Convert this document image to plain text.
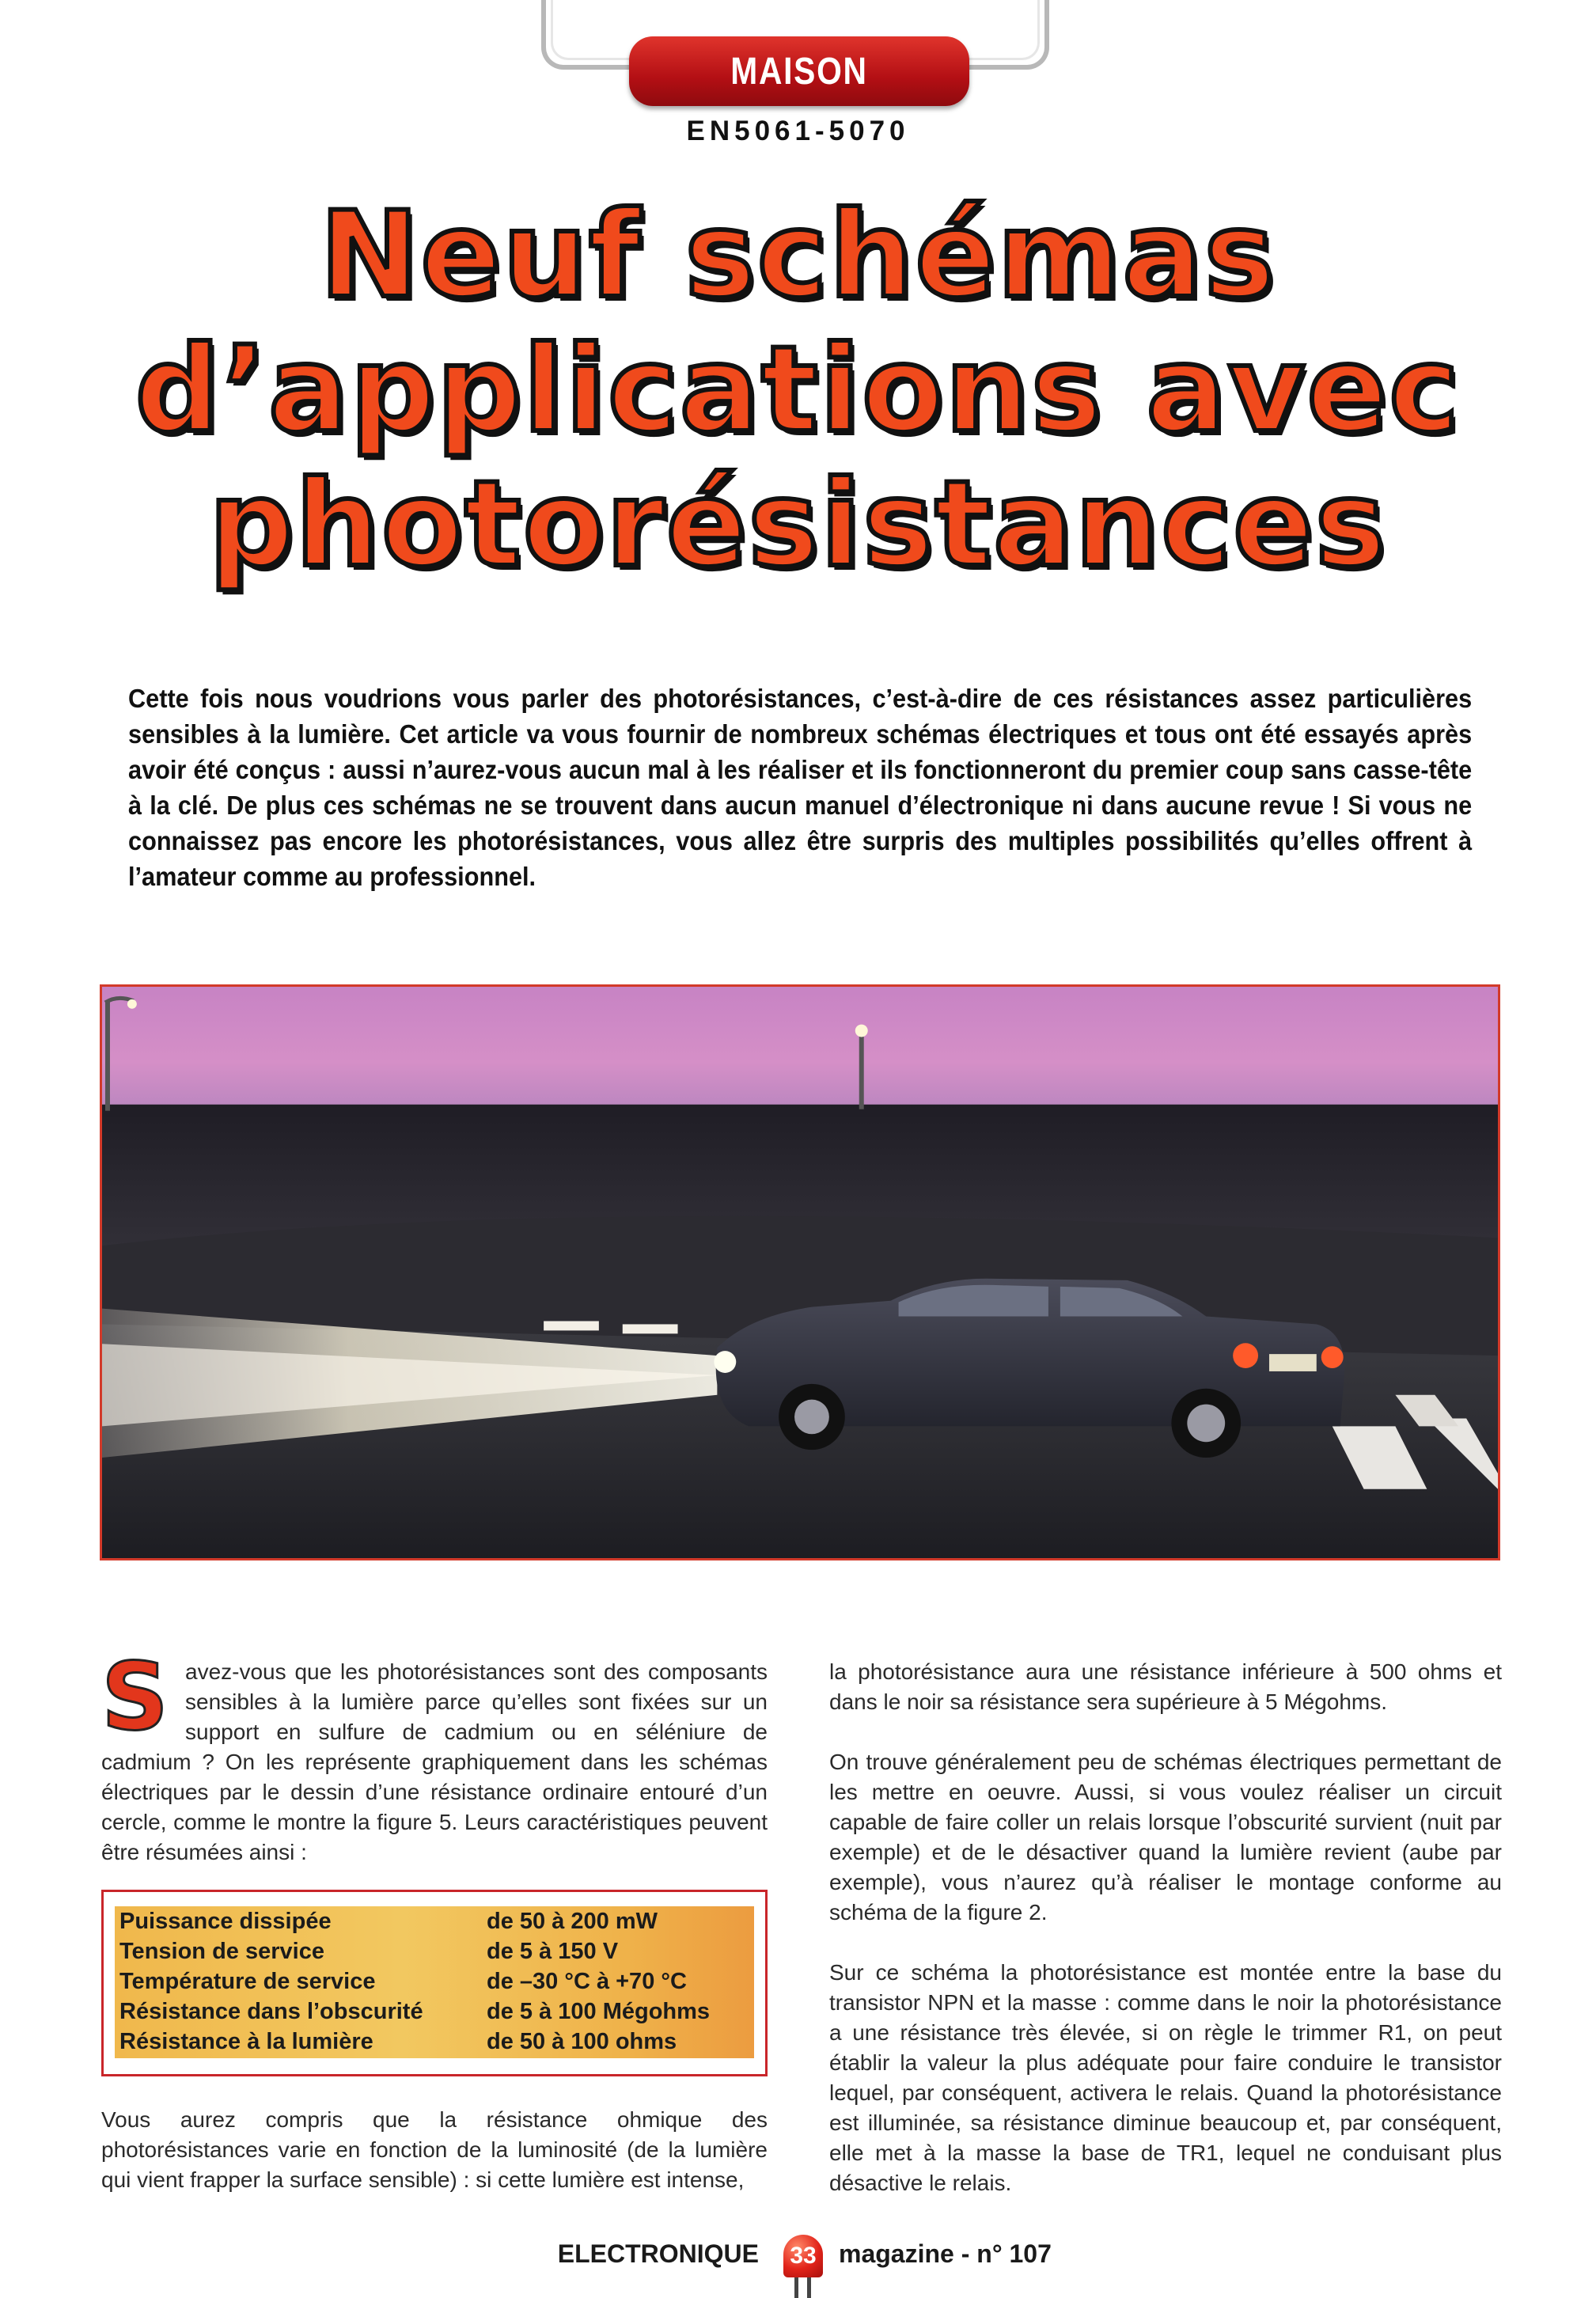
MAISON
EN5061-5070
Neuf schémas
d’applications avec
photorésistances

Cette fois nous voudrions vous parler des photorésistances, c’est-à-dire de ces résistances assez particulières sensibles à la lumière. Cet article va vous fournir de nombreux schémas électriques et tous ont été essayés après avoir été conçus : aussi n’aurez-vous aucun mal à les réaliser et ils fonctionneront du premier coup sans casse-tête à la clé. De plus ces schémas ne se trouvent dans aucun manuel d’électronique ni dans aucune revue ! Si vous ne connaissez pas encore les photorésistances, vous allez être surpris des multiples possibilités qu’elles offrent à l’amateur comme au professionnel.

S avez-vous que les photorésistances sont des composants sensibles à la lumière parce qu’elles sont fixées sur un support en sulfure de cadmium ou en séléniure de cadmium ? On les représente graphiquement dans les schémas électriques par le dessin d’une résistance ordinaire entouré d’un cercle, comme le montre la figure 5. Leurs caractéristiques peuvent être résumées ainsi :

Puissance dissipée	de 50 à 200 mW
Tension de service	de 5 à 150 V
Température de service	de –30 °C à +70 °C
Résistance dans l’obscurité	de 5 à 100 Mégohms
Résistance à la lumière	de 50 à 100 ohms

Vous aurez compris que la résistance ohmique des photorésistances varie en fonction de la luminosité (de la lumière qui vient frapper la surface sensible) : si cette lumière est intense,

la photorésistance aura une résistance inférieure à 500 ohms et dans le noir sa résistance sera supérieure à 5 Mégohms.

On trouve généralement peu de schémas électriques permettant de les mettre en oeuvre. Aussi, si vous voulez réaliser un circuit capable de faire coller un relais lorsque l’obscurité survient (nuit par exemple) et de le désactiver quand la lumière revient (aube par exemple), vous n’aurez qu’à réaliser le montage conforme au schéma de la figure 2.

Sur ce schéma la photorésistance est montée entre la base du transistor NPN et la masse : comme dans le noir la photorésistance a une résistance très élevée, si on règle le trimmer R1, on peut établir la valeur la plus adéquate pour faire conduire le transistor lequel, par conséquent, activera le relais. Quand la photorésistance est illuminée, sa résistance diminue beaucoup et, par conséquent, elle met à la masse la base de TR1, lequel ne conduisant plus désactive le relais.

ELECTRONIQUE 33 magazine - n° 107
